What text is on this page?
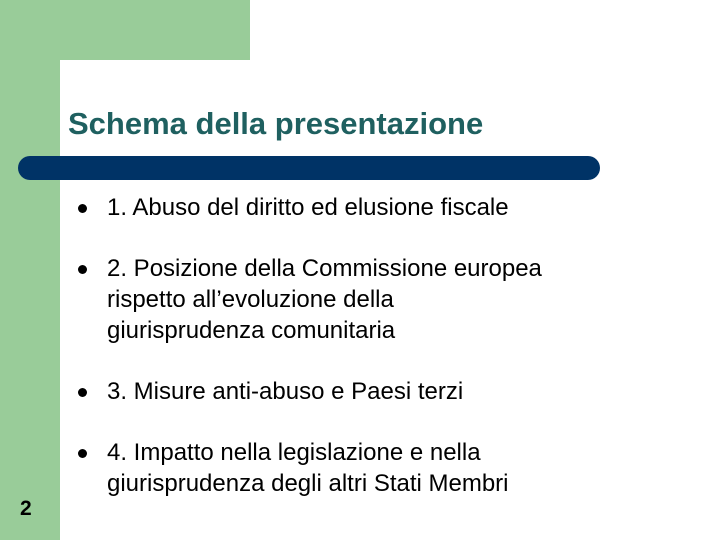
Schema della presentazione
1. Abuso del diritto ed elusione fiscale
2. Posizione della Commissione europea
rispetto all’evoluzione della
giurisprudenza comunitaria
3. Misure anti-abuso e Paesi terzi
4. Impatto nella legislazione e nella
giurisprudenza degli altri Stati Membri
2
